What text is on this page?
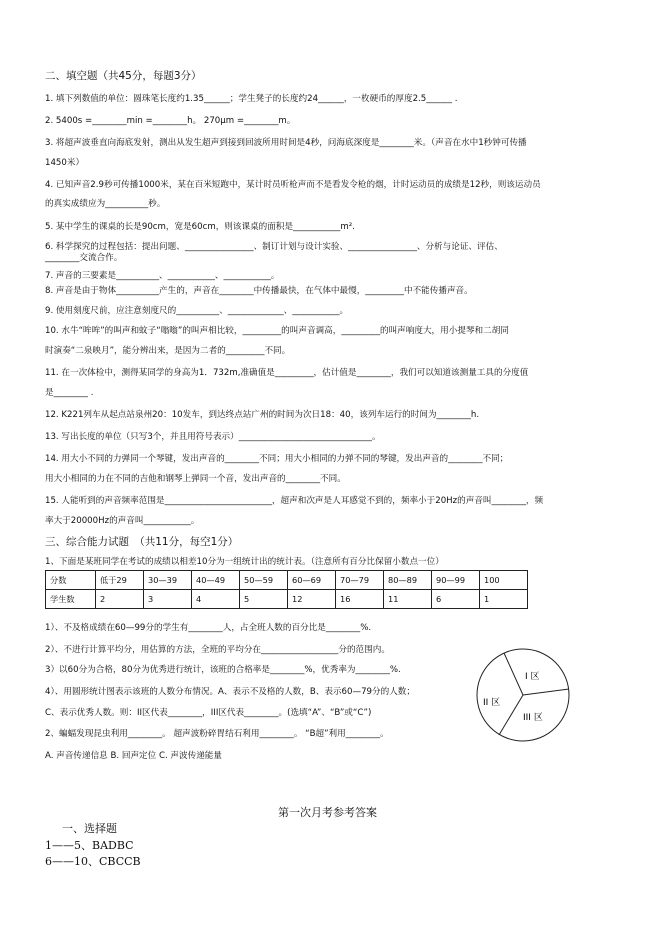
二、填空题（共45分，每题3分）
1. 填下列数值的单位：圆珠笔长度约1.35______；学生凳子的长度约24______，一枚硬币的厚度2.5______ .
2. 5400s =________min =________h。 270μm =________m。
3. 将超声波垂直向海底发射，测出从发生超声到接到回波所用时间是4秒，问海底深度是________米。（声音在水中1秒钟可传播
1450米）
4. 已知声音2.9秒可传播1000米，某在百米短跑中，某计时员听枪声而不是看发令枪的烟，计时运动员的成绩是12秒，则该运动员
的真实成绩应为__________秒。
5. 某中学生的课桌的长是90cm，宽是60cm，则该课桌的面积是___________m².
6. 科学探究的过程包括：提出问题、________________、制订计划与设计实验、________________、分析与论证、评估、
________交流合作。
7. 声音的三要素是__________、___________、___________。
8. 声音是由于物体__________产生的，声音在________中传播最快，在气体中最慢，_________中不能传播声音。
9. 使用刻度尺前，应注意刻度尺的__________、_____________、___________。
10. 水牛“哞哞”的叫声和蚊子“嗡嗡”的叫声相比较，_________的叫声音调高，_________的叫声响度大，用小提琴和二胡同
时演奏“二泉映月”，能分辨出来，是因为二者的_________不同。
11. 在一次体检中，测得某同学的身高为1．732m,准确值是_________，估计值是________，我们可以知道该测量工具的分度值
是________ .
12. K221列车从起点站泉州20：10发车，到达终点站广州的时间为次日18：40，该列车运行的时间为________h.
13. 写出长度的单位（只写3个，并且用符号表示）_______________________________。
14. 用大小不同的力弹同一个琴键，发出声音的________不同；用大小相同的力弹不同的琴键，发出声音的________不同；
用大小相同的力在不同的吉他和钢琴上弹同一个音，发出声音的________不同。
15. 人能听到的声音频率范围是_________________________，超声和次声是人耳感觉不到的，频率小于20Hz的声音叫________，频
率大于20000Hz的声音叫___________。
三、综合能力试题　（共11分，每空1分）
1、下面是某班同学在考试的成绩以相差10分为一组统计出的统计表。（注意所有百分比保留小数点一位）
分数	低于29	30—39	40—49	50—59	60—69	70—79	80—89	90—99	100
学生数	2	3	4	5	12	16	11	6	1
1）、不及格成绩在60—99分的学生有________人，占全班人数的百分比是________%.
2）、不进行计算平均分，用估算的方法，全班的平均分在__________________分的范围内。
3）以60分为合格，80分为优秀进行统计，该班的合格率是________%，优秀率为________%.
4）、用圆形统计图表示该班的人数分布情况。A、表示不及格的人数，B、表示60—79分的人数；
C、表示优秀人数。则：II区代表________，III区代表________。(选填“A”、“B”或“C”)
2、蝙蝠发现昆虫利用________。 超声波粉碎胃结石利用________。 “B超”利用________。
A. 声音传递信息 B. 回声定位 C. 声波传递能量
I 区
II 区
III 区
第一次月考参考答案
一、选择题
1——5、BADBC
6——10、CBCCB
